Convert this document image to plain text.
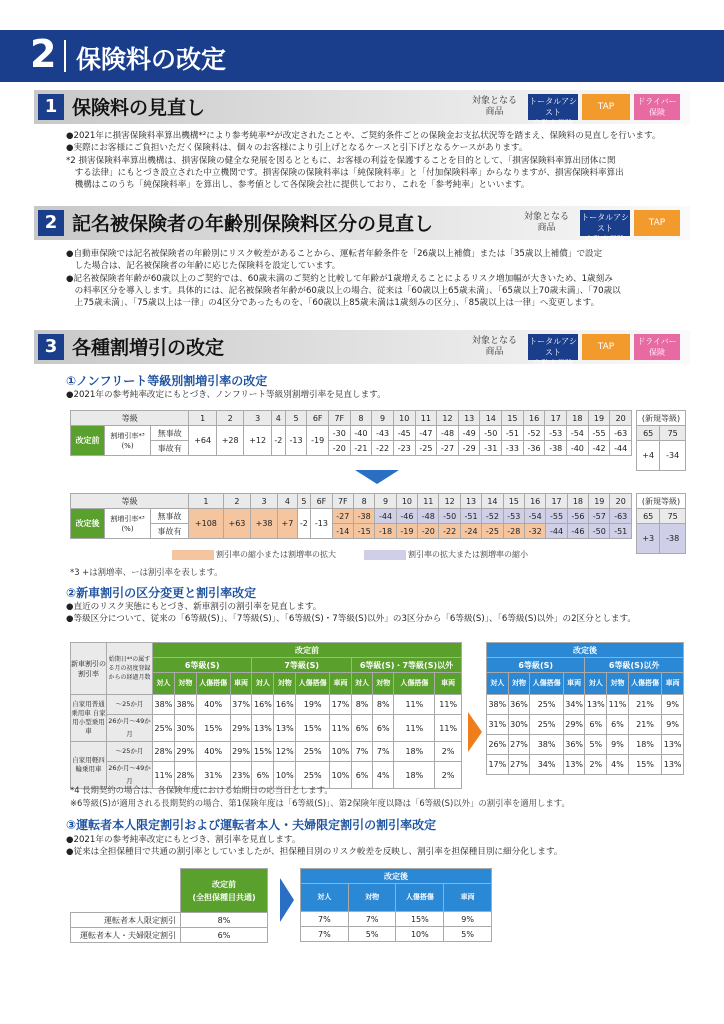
2 保険料の改定
1 保険料の見直し	対象となる
商品
トータルアシスト
自動車保険
TAP
ドライバー
保険
●2021年に損害保険料率算出機構*²により参考純率*²が改定されたことや、ご契約条件ごとの保険金お支払状況等を踏まえ、保険料の見直しを行います。
●実際にお客様にご負担いただく保険料は、個々のお客様により引上げとなるケースと引下げとなるケースがあります。
*2 損害保険料率算出機構は、損害保険の健全な発展を図るとともに、お客様の利益を保護することを目的として、「損害保険料率算出団体に関
　する法律」にもとづき設立された中立機関です。損害保険の保険料率は「純保険料率」と「付加保険料率」からなりますが、損害保険料率算出
　機構はこのうち「純保険料率」を算出し、参考値として各保険会社に提供しており、これを「参考純率」といいます。
2 記名被保険者の年齢別保険料区分の見直し	対象となる
商品
トータルアシスト
自動車保険
TAP
●自動車保険では記名被保険者の年齢別にリスク較差があることから、運転者年齢条件を「26歳以上補償」または「35歳以上補償」で設定
　した場合は、記名被保険者の年齢に応じた保険料を設定しています。
●記名被保険者年齢が60歳以上のご契約では、60歳未満のご契約と比較して年齢が1歳増えることによるリスク増加幅が大きいため、1歳刻み
　の料率区分を導入します。具体的には、記名被保険者年齢が60歳以上の場合、従来は「60歳以上65歳未満」、「65歳以上70歳未満」、「70歳以
　上75歳未満」、「75歳以上は一律」の4区分であったものを、「60歳以上85歳未満は1歳刻みの区分」、「85歳以上は一律」へ変更します。
3 各種割増引の改定	対象となる
商品
トータルアシスト
自動車保険
TAP
ドライバー
保険
①ノンフリート等級別割増引率の改定
●2021年の参考純率改定にもとづき、ノンフリート等級別割増引率を見直します。
等級			1	2	3	4	5	6F	7F	8	9	10	11	12	13	14	15	16	17	18	19	20
改定前	割増引率*³ (%)	無事故	+64	+28	+12	-2	-13	-19	-30	-40	-43	-45	-47	-48	-49	-50	-51	-52	-53	-54	-55	-63
		事故有							-20	-21	-22	-23	-25	-27	-29	-31	-33	-36	-38	-40	-42	-44
(新規等級)	
65	75
+4	-34
等級			1	2	3	4	5	6F	7F	8	9	10	11	12	13	14	15	16	17	18	19	20
改定後	割増引率*³ (%)	無事故	+108	+63	+38	+7	-2	-13	-27	-38	-44	-46	-48	-50	-51	-52	-53	-54	-55	-56	-57	-63
		事故有							-14	-15	-18	-19	-20	-22	-24	-25	-28	-32	-44	-46	-50	-51
(新規等級)	
65	75
+3	-38
割引率の縮小または割増率の拡大	割引率の拡大または割増率の縮小
*3 +は割増率、ーは割引率を表します。
②新車割引の区分変更と割引率改定
●直近のリスク実態にもとづき、新車割引の割引率を見直します。
●等級区分について、従来の「6等級(S)」、「7等級(S)」、「6等級(S)・7等級(S)以外」の3区分から「6等級(S)」、「6等級(S)以外」の2区分とします。
新車割引の割引率	始期日*⁴の属する月の初度登録からの経過月数	改定前											
		6等級(S)				7等級(S)				6等級(S)・7等級(S)以外			
		対人	対物	人傷搭傷	車両	対人	対物	人傷搭傷	車両	対人	対物	人傷搭傷	車両
自家用普通乗用車 自家用小型乗用車	〜25か月	38%	38%	40%	37%	16%	16%	19%	17%	8%	8%	11%	11%
	26か月〜49か月	25%	30%	15%	29%	13%	13%	15%	11%	6%	6%	11%	11%
自家用軽四輪乗用車	〜25か月	28%	29%	40%	29%	15%	12%	25%	10%	7%	7%	18%	2%
	26か月〜49か月	11%	28%	31%	23%	6%	10%	25%	10%	6%	4%	18%	2%
改定後							
6等級(S)				6等級(S)以外			
対人	対物	人傷搭傷	車両	対人	対物	人傷搭傷	車両
38%	36%	25%	34%	13%	11%	21%	9%
31%	30%	25%	29%	6%	6%	21%	9%
26%	27%	38%	36%	5%	9%	18%	13%
17%	27%	34%	13%	2%	4%	15%	13%
*4 長期契約の場合は、各保険年度における始期日の応当日とします。
※6等級(S)が適用される長期契約の場合、第1保険年度は「6等級(S)」、第2保険年度以降は「6等級(S)以外」の割引率を適用します。
③運転者本人限定割引および運転者本人・夫婦限定割引の割引率改定
●2021年の参考純率改定にもとづき、割引率を見直します。
●従来は全担保種目で共通の割引率としていましたが、担保種目別のリスク較差を反映し、割引率を担保種目別に細分化します。

	改定前
(全担保種目共通)

運転者本人限定割引	8%
運転者本人・夫婦限定割引	6%
改定後			
対人	対物	人傷搭傷	車両
7%	7%	15%	9%
7%	5%	10%	5%
